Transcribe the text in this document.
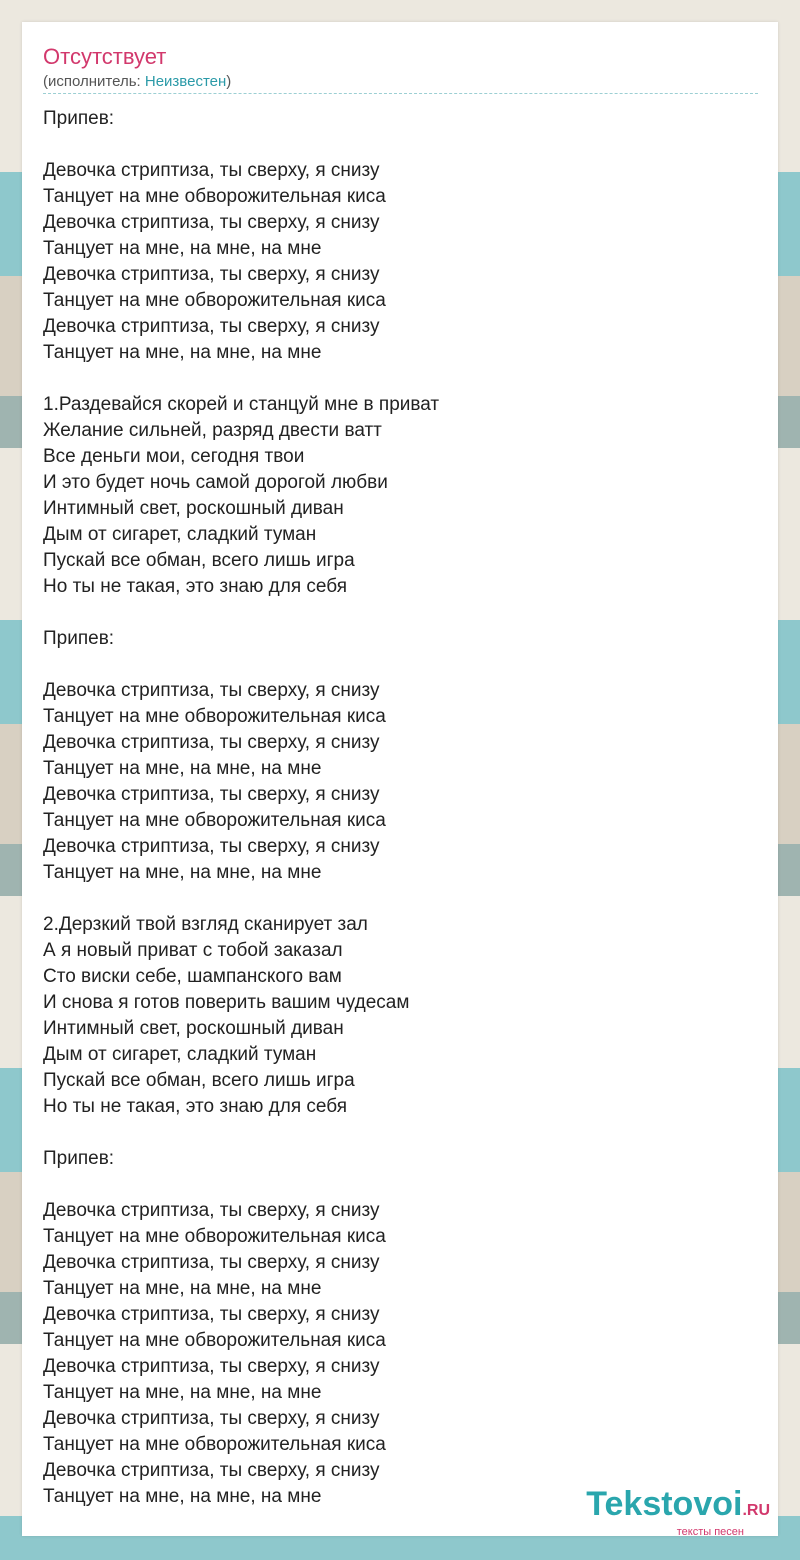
Отсутствует
(исполнитель: Неизвестен)
Припев:

Девочка стриптиза, ты сверху, я снизу
Танцует на мне обворожительная киса
Девочка стриптиза, ты сверху, я снизу
Танцует на мне, на мне, на мне
Девочка стриптиза, ты сверху, я снизу
Танцует на мне обворожительная киса
Девочка стриптиза, ты сверху, я снизу
Танцует на мне, на мне, на мне

1.Раздевайся скорей и станцуй мне в приват
Желание сильней, разряд двести ватт
Все деньги мои, сегодня твои
И это будет ночь самой дорогой любви
Интимный свет, роскошный диван
Дым от сигарет, сладкий туман
Пускай все обман, всего лишь игра
Но ты не такая, это знаю для себя

Припев:

Девочка стриптиза, ты сверху, я снизу
Танцует на мне обворожительная киса
Девочка стриптиза, ты сверху, я снизу
Танцует на мне, на мне, на мне
Девочка стриптиза, ты сверху, я снизу
Танцует на мне обворожительная киса
Девочка стриптиза, ты сверху, я снизу
Танцует на мне, на мне, на мне

2.Дерзкий твой взгляд сканирует зал
А я новый приват с тобой заказал
Сто виски себе, шампанского вам
И снова я готов поверить вашим чудесам
Интимный свет, роскошный диван
Дым от сигарет, сладкий туман
Пускай все обман, всего лишь игра
Но ты не такая, это знаю для себя

Припев:

Девочка стриптиза, ты сверху, я снизу
Танцует на мне обворожительная киса
Девочка стриптиза, ты сверху, я снизу
Танцует на мне, на мне, на мне
Девочка стриптиза, ты сверху, я снизу
Танцует на мне обворожительная киса
Девочка стриптиза, ты сверху, я снизу
Танцует на мне, на мне, на мне
Девочка стриптиза, ты сверху, я снизу
Танцует на мне обворожительная киса
Девочка стриптиза, ты сверху, я снизу
Танцует на мне, на мне, на мне	Tekstovoi.RU
тексты песен
